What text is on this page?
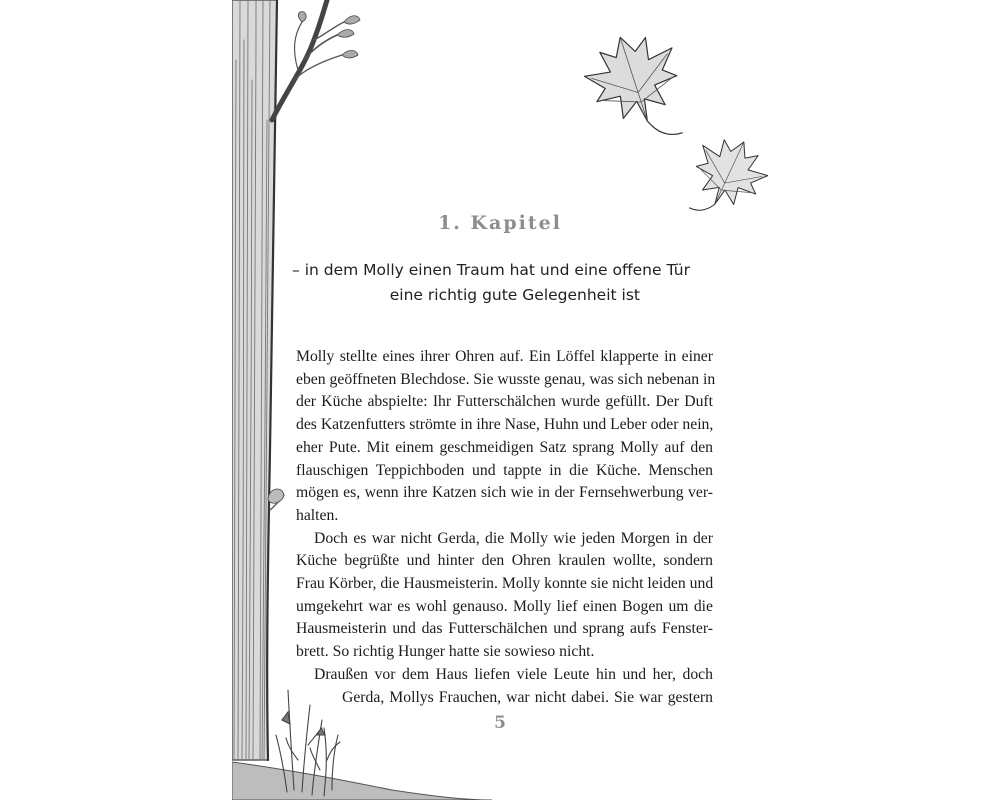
1. Kapitel
– in dem Molly einen Traum hat und eine offene Tür
eine richtig gute Gelegenheit ist
Molly stellte eines ihrer Ohren auf. Ein Löffel klapperte in einer
eben geöffneten Blechdose. Sie wusste genau, was sich nebenan in
der Küche abspielte: Ihr Futterschälchen wurde gefüllt. Der Duft
des Katzenfutters strömte in ihre Nase, Huhn und Leber oder nein,
eher Pute. Mit einem geschmeidigen Satz sprang Molly auf den
flauschigen Teppichboden und tappte in die Küche. Menschen
mögen es, wenn ihre Katzen sich wie in der Fernsehwerbung ver-
halten.
Doch es war nicht Gerda, die Molly wie jeden Morgen in der
Küche begrüßte und hinter den Ohren kraulen wollte, sondern
Frau Körber, die Hausmeisterin. Molly konnte sie nicht leiden und
umgekehrt war es wohl genauso. Molly lief einen Bogen um die
Hausmeisterin und das Futterschälchen und sprang aufs Fenster-
brett. So richtig Hunger hatte sie sowieso nicht.
Draußen vor dem Haus liefen viele Leute hin und her, doch
Gerda, Mollys Frauchen, war nicht dabei. Sie war gestern
5
